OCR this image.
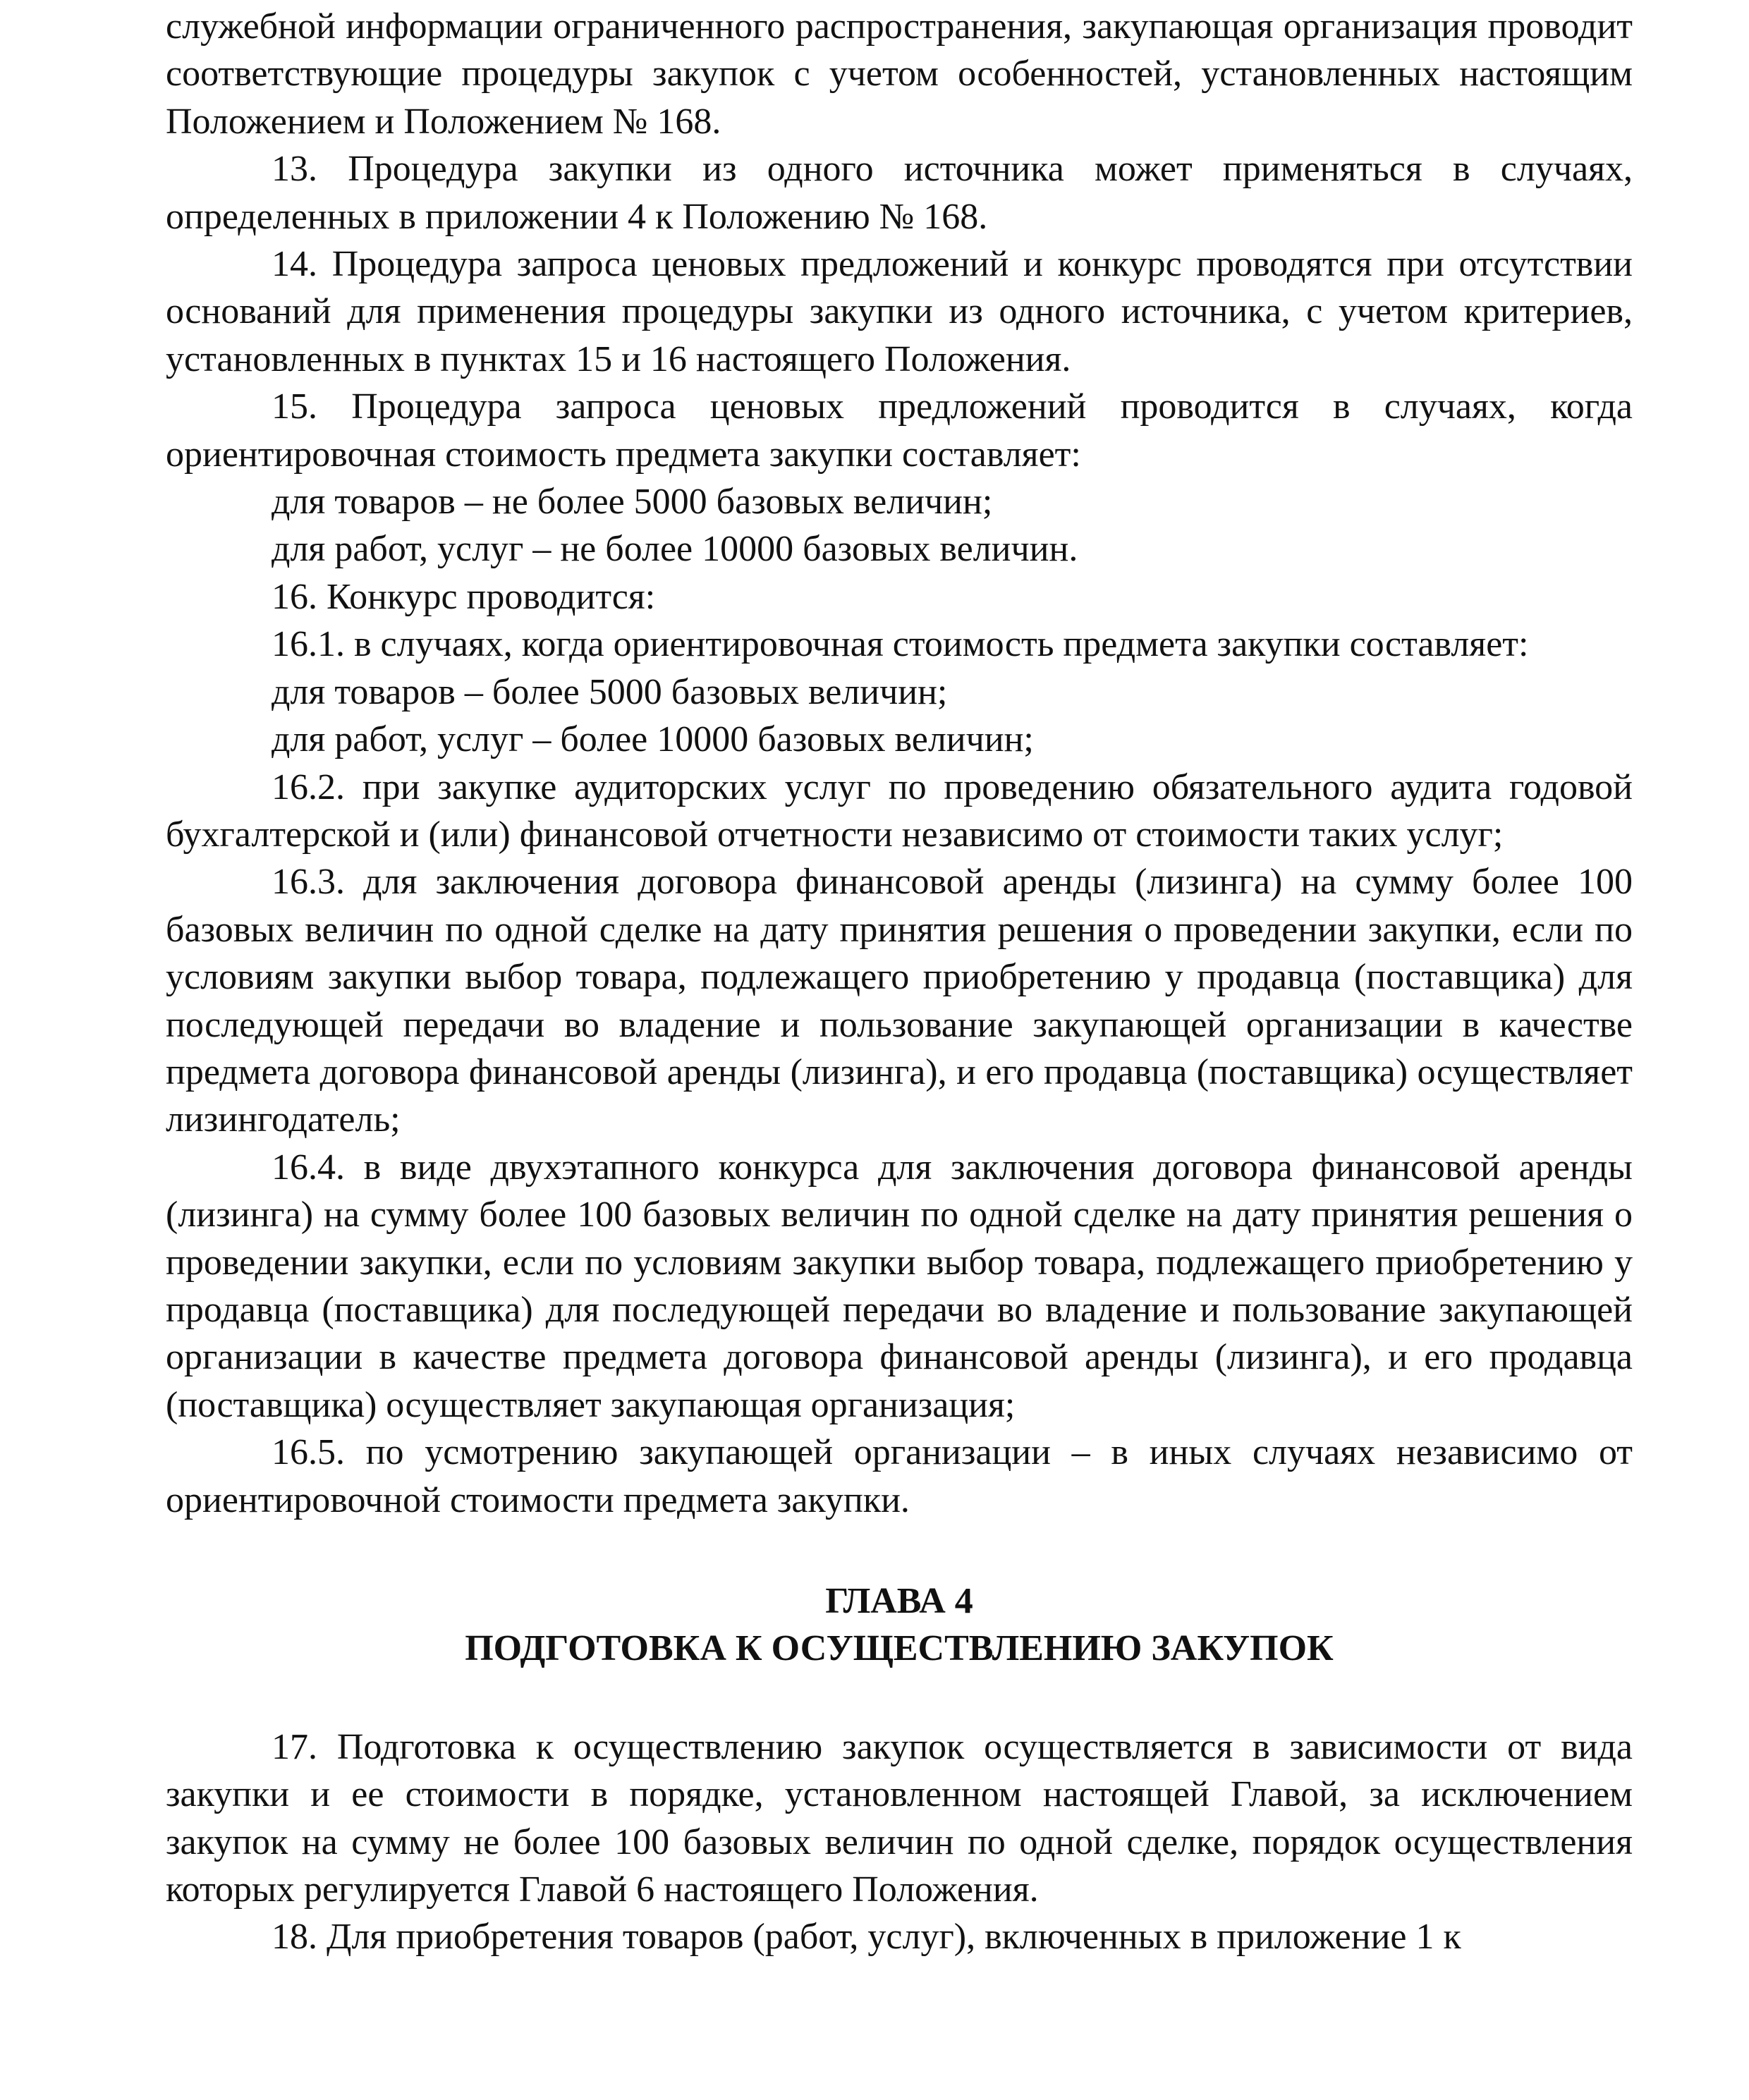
служебной информации ограниченного распространения, закупающая организация проводит соответствующие процедуры закупок с учетом особенностей, установленных настоящим Положением и Положением № 168.

13. Процедура закупки из одного источника может применяться в случаях, определенных в приложении 4 к Положению № 168.

14. Процедура запроса ценовых предложений и конкурс проводятся при отсутствии оснований для применения процедуры закупки из одного источника, с учетом критериев, установленных в пунктах 15 и 16 настоящего Положения.

15. Процедура запроса ценовых предложений проводится в случаях, когда ориентировочная стоимость предмета закупки составляет:

для товаров – не более 5000 базовых величин;

для работ, услуг – не более 10000 базовых величин.

16. Конкурс проводится:

16.1. в случаях, когда ориентировочная стоимость предмета закупки составляет:

для товаров – более 5000 базовых величин;

для работ, услуг – более 10000 базовых величин;

16.2. при закупке аудиторских услуг по проведению обязательного аудита годовой бухгалтерской и (или) финансовой отчетности независимо от стоимости таких услуг;

16.3. для заключения договора финансовой аренды (лизинга) на сумму более 100 базовых величин по одной сделке на дату принятия решения о проведении закупки, если по условиям закупки выбор товара, подлежащего приобретению у продавца (поставщика) для последующей передачи во владение и пользование закупающей организации в качестве предмета договора финансовой аренды (лизинга), и его продавца (поставщика) осуществляет лизингодатель;

16.4. в виде двухэтапного конкурса для заключения договора финансовой аренды (лизинга) на сумму более 100 базовых величин по одной сделке на дату принятия решения о проведении закупки, если по условиям закупки выбор товара, подлежащего приобретению у продавца (поставщика) для последующей передачи во владение и пользование закупающей организации в качестве предмета договора финансовой аренды (лизинга), и его продавца (поставщика) осуществляет закупающая организация;

16.5. по усмотрению закупающей организации – в иных случаях независимо от ориентировочной стоимости предмета закупки.

ГЛАВА 4

ПОДГОТОВКА К ОСУЩЕСТВЛЕНИЮ ЗАКУПОК

17. Подготовка к осуществлению закупок осуществляется в зависимости от вида закупки и ее стоимости в порядке, установленном настоящей Главой, за исключением закупок на сумму не более 100 базовых величин по одной сделке, порядок осуществления которых регулируется Главой 6 настоящего Положения.

18. Для приобретения товаров (работ, услуг), включенных в приложение 1 к
